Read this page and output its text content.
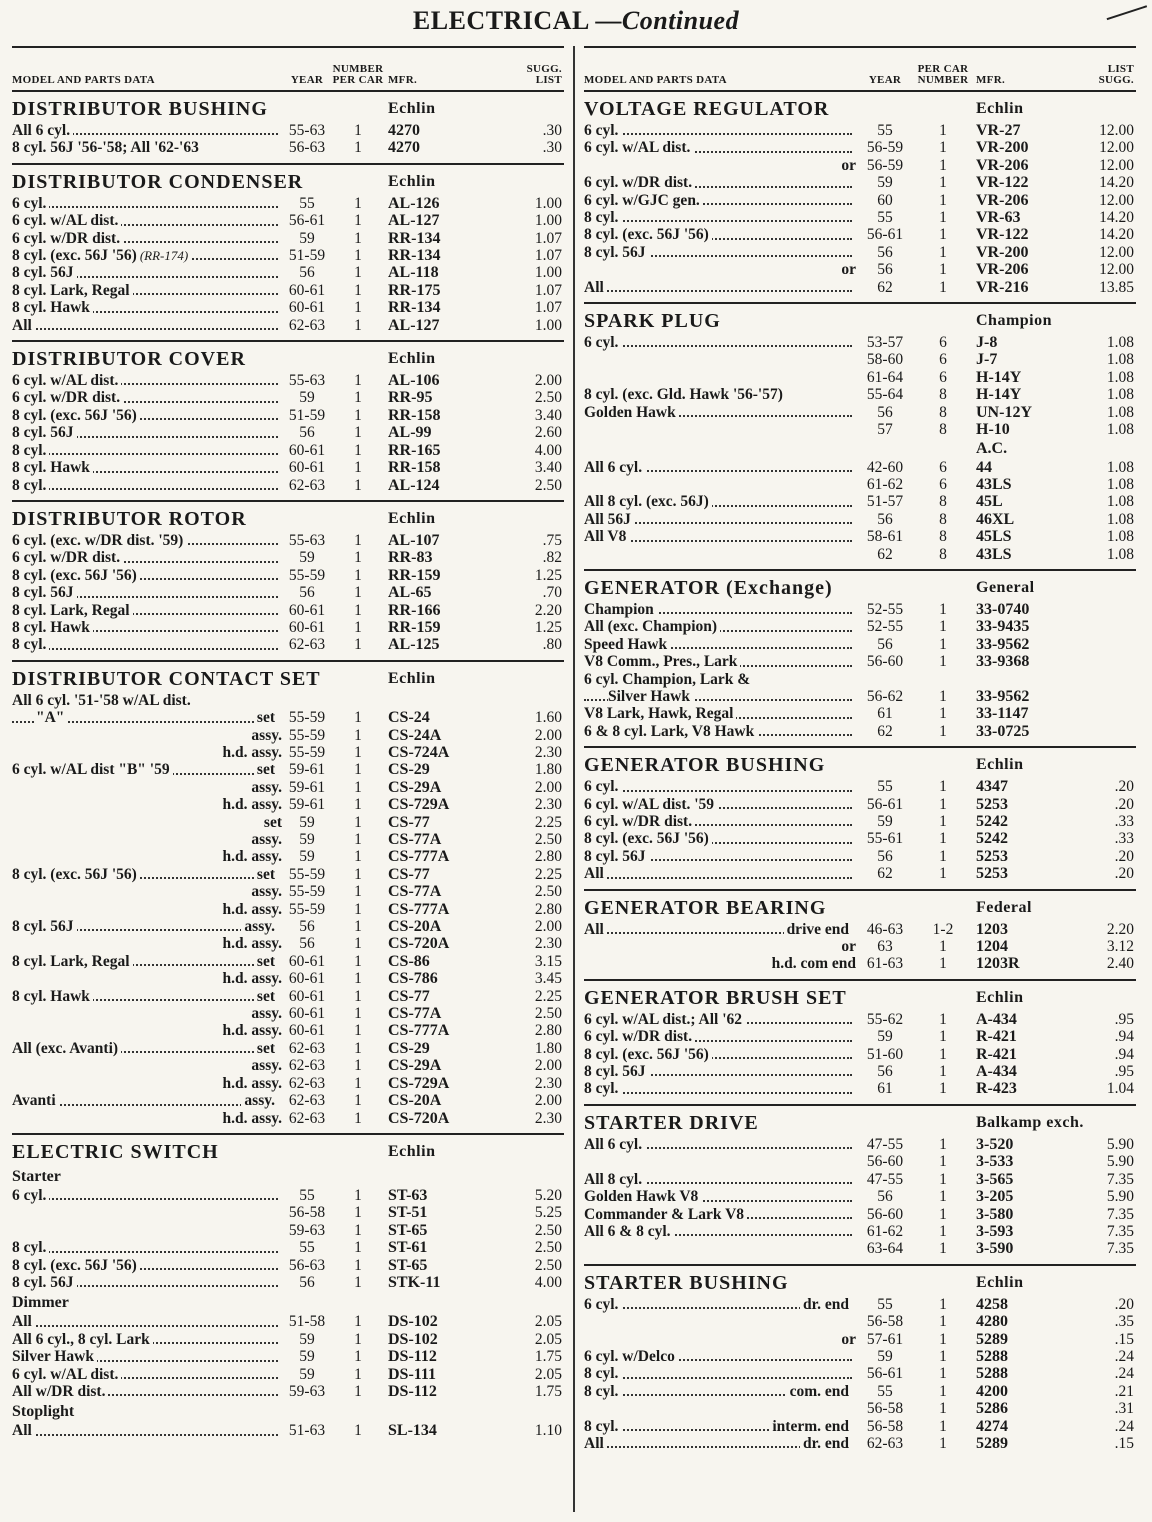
ELECTRICAL —Continued
MODEL AND PARTS DATA	YEAR
NUMBER
PER CAR MFR.
SUGG.
LIST
DISTRIBUTOR BUSHING	Echlin
All 6 cyl.	55-63	1	4270	.30
8 cyl. 56J '56-'58; All '62-'63	56-63	1	4270	.30
DISTRIBUTOR CONDENSER	Echlin
6 cyl.	55	1	AL-126	1.00
6 cyl. w/AL dist.	56-61	1	AL-127	1.00
6 cyl. w/DR dist.	59	1	RR-134	1.07
8 cyl. (exc. 56J '56) (RR-174)	51-59	1	RR-134	1.07
8 cyl. 56J	56	1	AL-118	1.00
8 cyl. Lark, Regal	60-61	1	RR-175	1.07
8 cyl. Hawk	60-61	1	RR-134	1.07
All	62-63	1	AL-127	1.00
DISTRIBUTOR COVER	Echlin
6 cyl. w/AL dist.	55-63	1	AL-106	2.00
6 cyl. w/DR dist.	59	1	RR-95	2.50
8 cyl. (exc. 56J '56)	51-59	1	RR-158	3.40
8 cyl. 56J	56	1	AL-99	2.60
8 cyl.	60-61	1	RR-165	4.00
8 cyl. Hawk	60-61	1	RR-158	3.40
8 cyl.	62-63	1	AL-124	2.50
DISTRIBUTOR ROTOR	Echlin
6 cyl. (exc. w/DR dist. '59)	55-63	1	AL-107	.75
6 cyl. w/DR dist.	59	1	RR-83	.82
8 cyl. (exc. 56J '56)	55-59	1	RR-159	1.25
8 cyl. 56J	56	1	AL-65	.70
8 cyl. Lark, Regal	60-61	1	RR-166	2.20
8 cyl. Hawk	60-61	1	RR-159	1.25
8 cyl.	62-63	1	AL-125	.80
DISTRIBUTOR CONTACT SET	Echlin
All 6 cyl. '51-'58 w/AL dist.
"A"	set 55-59	1	CS-24	1.60
assy. 55-59	1	CS-24A	2.00
h.d. assy. 55-59	1	CS-724A	2.30
6 cyl. w/AL dist "B" '59	set 59-61	1	CS-29	1.80
assy. 59-61	1	CS-29A	2.00
h.d. assy. 59-61	1	CS-729A	2.30
set	59	1	CS-77	2.25
assy.	59	1	CS-77A	2.50
h.d. assy.	59	1	CS-777A	2.80
8 cyl. (exc. 56J '56)	set 55-59	1	CS-77	2.25
assy. 55-59	1	CS-77A	2.50
h.d. assy. 55-59	1	CS-777A	2.80
8 cyl. 56J	assy.	56	1	CS-20A	2.00
h.d. assy.	56	1	CS-720A	2.30
8 cyl. Lark, Regal	set 60-61	1	CS-86	3.15
h.d. assy. 60-61	1	CS-786	3.45
8 cyl. Hawk	set 60-61	1	CS-77	2.25
assy. 60-61	1	CS-77A	2.50
h.d. assy. 60-61	1	CS-777A	2.80
All (exc. Avanti)	set 62-63	1	CS-29	1.80
assy. 62-63	1	CS-29A	2.00
h.d. assy. 62-63	1	CS-729A	2.30
Avanti	assy. 62-63	1	CS-20A	2.00
h.d. assy. 62-63	1	CS-720A	2.30
ELECTRIC SWITCH	Echlin
Starter
6 cyl.	55	1	ST-63	5.20
56-58	1	ST-51	5.25
59-63	1	ST-65	2.50
8 cyl.	55	1	ST-61	2.50
8 cyl. (exc. 56J '56)	56-63	1	ST-65	2.50
8 cyl. 56J	56	1	STK-11	4.00
Dimmer
All	51-58	1	DS-102	2.05
All 6 cyl., 8 cyl. Lark	59	1	DS-102	2.05
Silver Hawk	59	1	DS-112	1.75
6 cyl. w/AL dist.	59	1	DS-111	2.05
All w/DR dist.	59-63	1	DS-112	1.75
Stoplight
All	51-63	1	SL-134	1.10
MODEL AND PARTS DATA	YEAR
PER CAR
NUMBER MFR.
LIST
SUGG.
VOLTAGE REGULATOR	Echlin
6 cyl.	55	1	VR-27	12.00
6 cyl. w/AL dist.	56-59	1	VR-200	12.00
or 56-59	1	VR-206	12.00
6 cyl. w/DR dist.	59	1	VR-122	14.20
6 cyl. w/GJC gen.	60	1	VR-206	12.00
8 cyl.	55	1	VR-63	14.20
8 cyl. (exc. 56J '56)	56-61	1	VR-122	14.20
8 cyl. 56J	56	1	VR-200	12.00
or	56	1	VR-206	12.00
All	62	1	VR-216	13.85
SPARK PLUG	Champion
6 cyl.	53-57	6	J-8	1.08
58-60	6	J-7	1.08
61-64	6	H-14Y	1.08
8 cyl. (exc. Gld. Hawk '56-'57)	55-64	8	H-14Y	1.08
Golden Hawk	56	8	UN-12Y	1.08
57	8	H-10	1.08
A.C.
All 6 cyl.	42-60	6	44	1.08
61-62	6	43LS	1.08
All 8 cyl. (exc. 56J)	51-57	8	45L	1.08
All 56J	56	8	46XL	1.08
All V8	58-61	8	45LS	1.08
62	8	43LS	1.08
GENERATOR (Exchange)	General
Champion	52-55	1	33-0740
All (exc. Champion)	52-55	1	33-9435
Speed Hawk	56	1	33-9562
V8 Comm., Pres., Lark	56-60	1	33-9368
6 cyl. Champion, Lark &
Silver Hawk	56-62	1	33-9562
V8 Lark, Hawk, Regal	61	1	33-1147
6 & 8 cyl. Lark, V8 Hawk	62	1	33-0725
GENERATOR BUSHING	Echlin
6 cyl.	55	1	4347	.20
6 cyl. w/AL dist. '59	56-61	1	5253	.20
6 cyl. w/DR dist.	59	1	5242	.33
8 cyl. (exc. 56J '56)	55-61	1	5242	.33
8 cyl. 56J	56	1	5253	.20
All	62	1	5253	.20
GENERATOR BEARING	Federal
All	drive end	46-63	1-2	1203	2.20
or	63	1	1204	3.12
h.d. com end 61-63	1	1203R	2.40
GENERATOR BRUSH SET	Echlin
6 cyl. w/AL dist.; All '62	55-62	1	A-434	.95
6 cyl. w/DR dist.	59	1	R-421	.94
8 cyl. (exc. 56J '56)	51-60	1	R-421	.94
8 cyl. 56J	56	1	A-434	.95
8 cyl.	61	1	R-423	1.04
STARTER DRIVE	Balkamp exch.
All 6 cyl.	47-55	1	3-520	5.90
56-60	1	3-533	5.90
All 8 cyl.	47-55	1	3-565	7.35
Golden Hawk V8	56	1	3-205	5.90
Commander & Lark V8	56-60	1	3-580	7.35
All 6 & 8 cyl.	61-62	1	3-593	7.35
63-64	1	3-590	7.35
STARTER BUSHING	Echlin
6 cyl.	dr. end	55	1	4258	.20
56-58	1	4280	.35
or 57-61	1	5289	.15
6 cyl. w/Delco	59	1	5288	.24
8 cyl.	56-61	1	5288	.24
8 cyl.	com. end	55	1	4200	.21
56-58	1	5286	.31
8 cyl.	interm. end	56-58	1	4274	.24
All	dr. end	62-63	1	5289	.15
